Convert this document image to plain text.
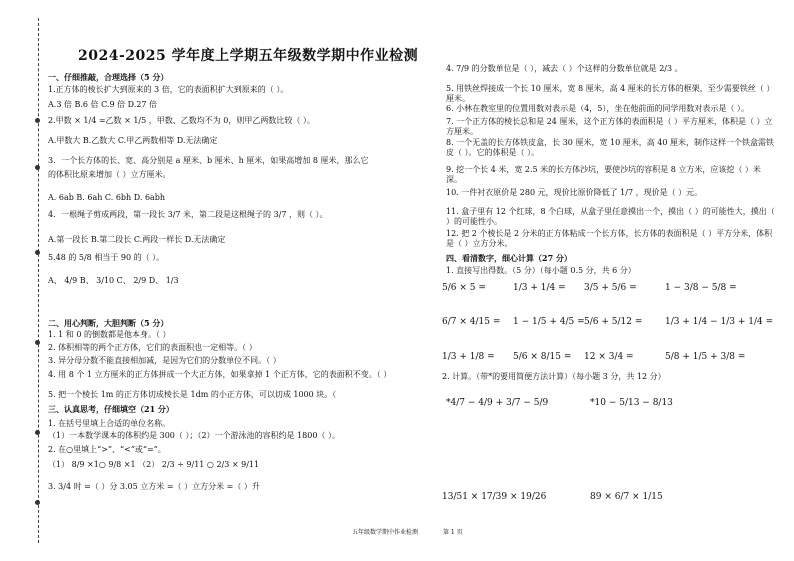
2024-2025 学年度上学期五年级数学期中作业检测
一、仔细推敲，合理选择（5 分）
1.正方体的棱长扩大到原来的 3 倍，它的表面积扩大到原来的（ ）。
A.3 倍 B.6 倍 C.9 倍 D.27 倍
2.甲数 × 1/4 =乙数 × 1/5 ，甲数、乙数均不为 0，则甲乙两数比较（ ）。
A.甲数大 B.乙数大 C.甲乙两数相等 D.无法确定
3．一个长方体的长、宽、高分别是 a 厘米、b 厘米、h 厘米，如果高增加 8 厘米，那么它
的体积比原来增加（ ）立方厘米。
A. 6ab B. 6ah C. 6bh D. 6abh
4．一根绳子剪成两段，第一段长 3/7 米，第二段是这根绳子的 3/7 ，则（ ）。
A.第一段长 B.第二段长 C.两段一样长 D.无法确定
5.48 的 5/8 相当于 90 的（ ）。
A、 4/9 B、 3/10 C、 2/9 D、 1/3
二、用心判断，大胆判断（5 分）
1. 1 和 0 的倒数都是他本身。（ ）
2. 体积相等的两个正方体，它们的表面积也一定相等。（ ）
3. 异分母分数不能直接相加减，是因为它们的分数单位不同。（ ）
4. 用 8 个 1 立方厘米的正方体拼成一个大正方体，如果拿掉 1 个正方体，它的表面积不变。（ ）
5. 把一个棱长 1m 的正方体切成棱长是 1dm 的小正方体，可以切成 1000 块。（
三、认真思考，仔细填空（21 分）
1. 在括号里填上合适的单位名称。
（1）一本数学课本的体积约是 300（ ）；（2）一个游泳池的容积约是 1800（ ）。
2. 在○里填上“>”、“<”或“=”。
（1） 8/9 ×1○ 9/8 ×1 （2） 2/3 ÷ 9/11 ○ 2/3 × 9/11
3. 3/4 时 =（ ）分 3.05 立方米 =（ ）立方分米 =（ ）升
4. 7/9 的分数单位是（ ），减去（ ）个这样的分数单位就是 2/3 。
5. 用铁丝焊接成一个长 10 厘米，宽 8 厘米，高 4 厘米的长方体的框架，至少需要铁丝（ ）厘米。
6. 小林在教室里的位置用数对表示是（4，5），坐在他前面的同学用数对表示是（ ）。
7. 一个正方体的棱长总和是 24 厘米，这个正方体的表面积是（ ）平方厘米，体积是（ ）立方厘米。
8. 一个无盖的长方体铁皮盒，长 30 厘米，宽 10 厘米，高 40 厘米，制作这样一个铁盒需铁皮（ ）。它的体积是（ ）。
9. 挖一个长 4 米，宽 2.5 米的长方体沙坑，要使沙坑的容积是 8 立方米，应该挖（ ）米深。
10. 一件衬衣原价是 280 元，现价比原价降低了 1/7 ，现价是（ ）元。
11. 盒子里有 12 个红球，8 个白球，从盒子里任意摸出一个，摸出（ ）的可能性大，摸出（ ）的可能性小。
12. 把 2 个棱长是 2 分米的正方体粘成一个长方体，长方体的表面积是（ ）平方分米，体积是（ ）立方分米。
四、看清数字，细心计算（27 分）
1. 直接写出得数。（5 分）（每小题 0.5 分，共 6 分）
5/6 × 5 =	1/3 + 1/4 = 3/5 + 5/6 =	1 − 3/8 − 5/8 =
6/7 × 4/15 = 1 − 1/5 + 4/5 = 5/6 + 5/12 =	1/3 + 1/4 − 1/3 + 1/4 =
1/3 + 1/8 = 5/6 × 8/15 = 12 × 3/4 =	5/8 + 1/5 + 3/8 =
2. 计算。（带*的要用简便方法计算）（每小题 3 分，共 12 分）
*4/7 − 4/9 + 3/7 − 5/9	*10 − 5/13 − 8/13
13/51 × 17/39 × 19/26	89 × 6/7 × 1/15
五年级数学期中作业检测	第 1 页
